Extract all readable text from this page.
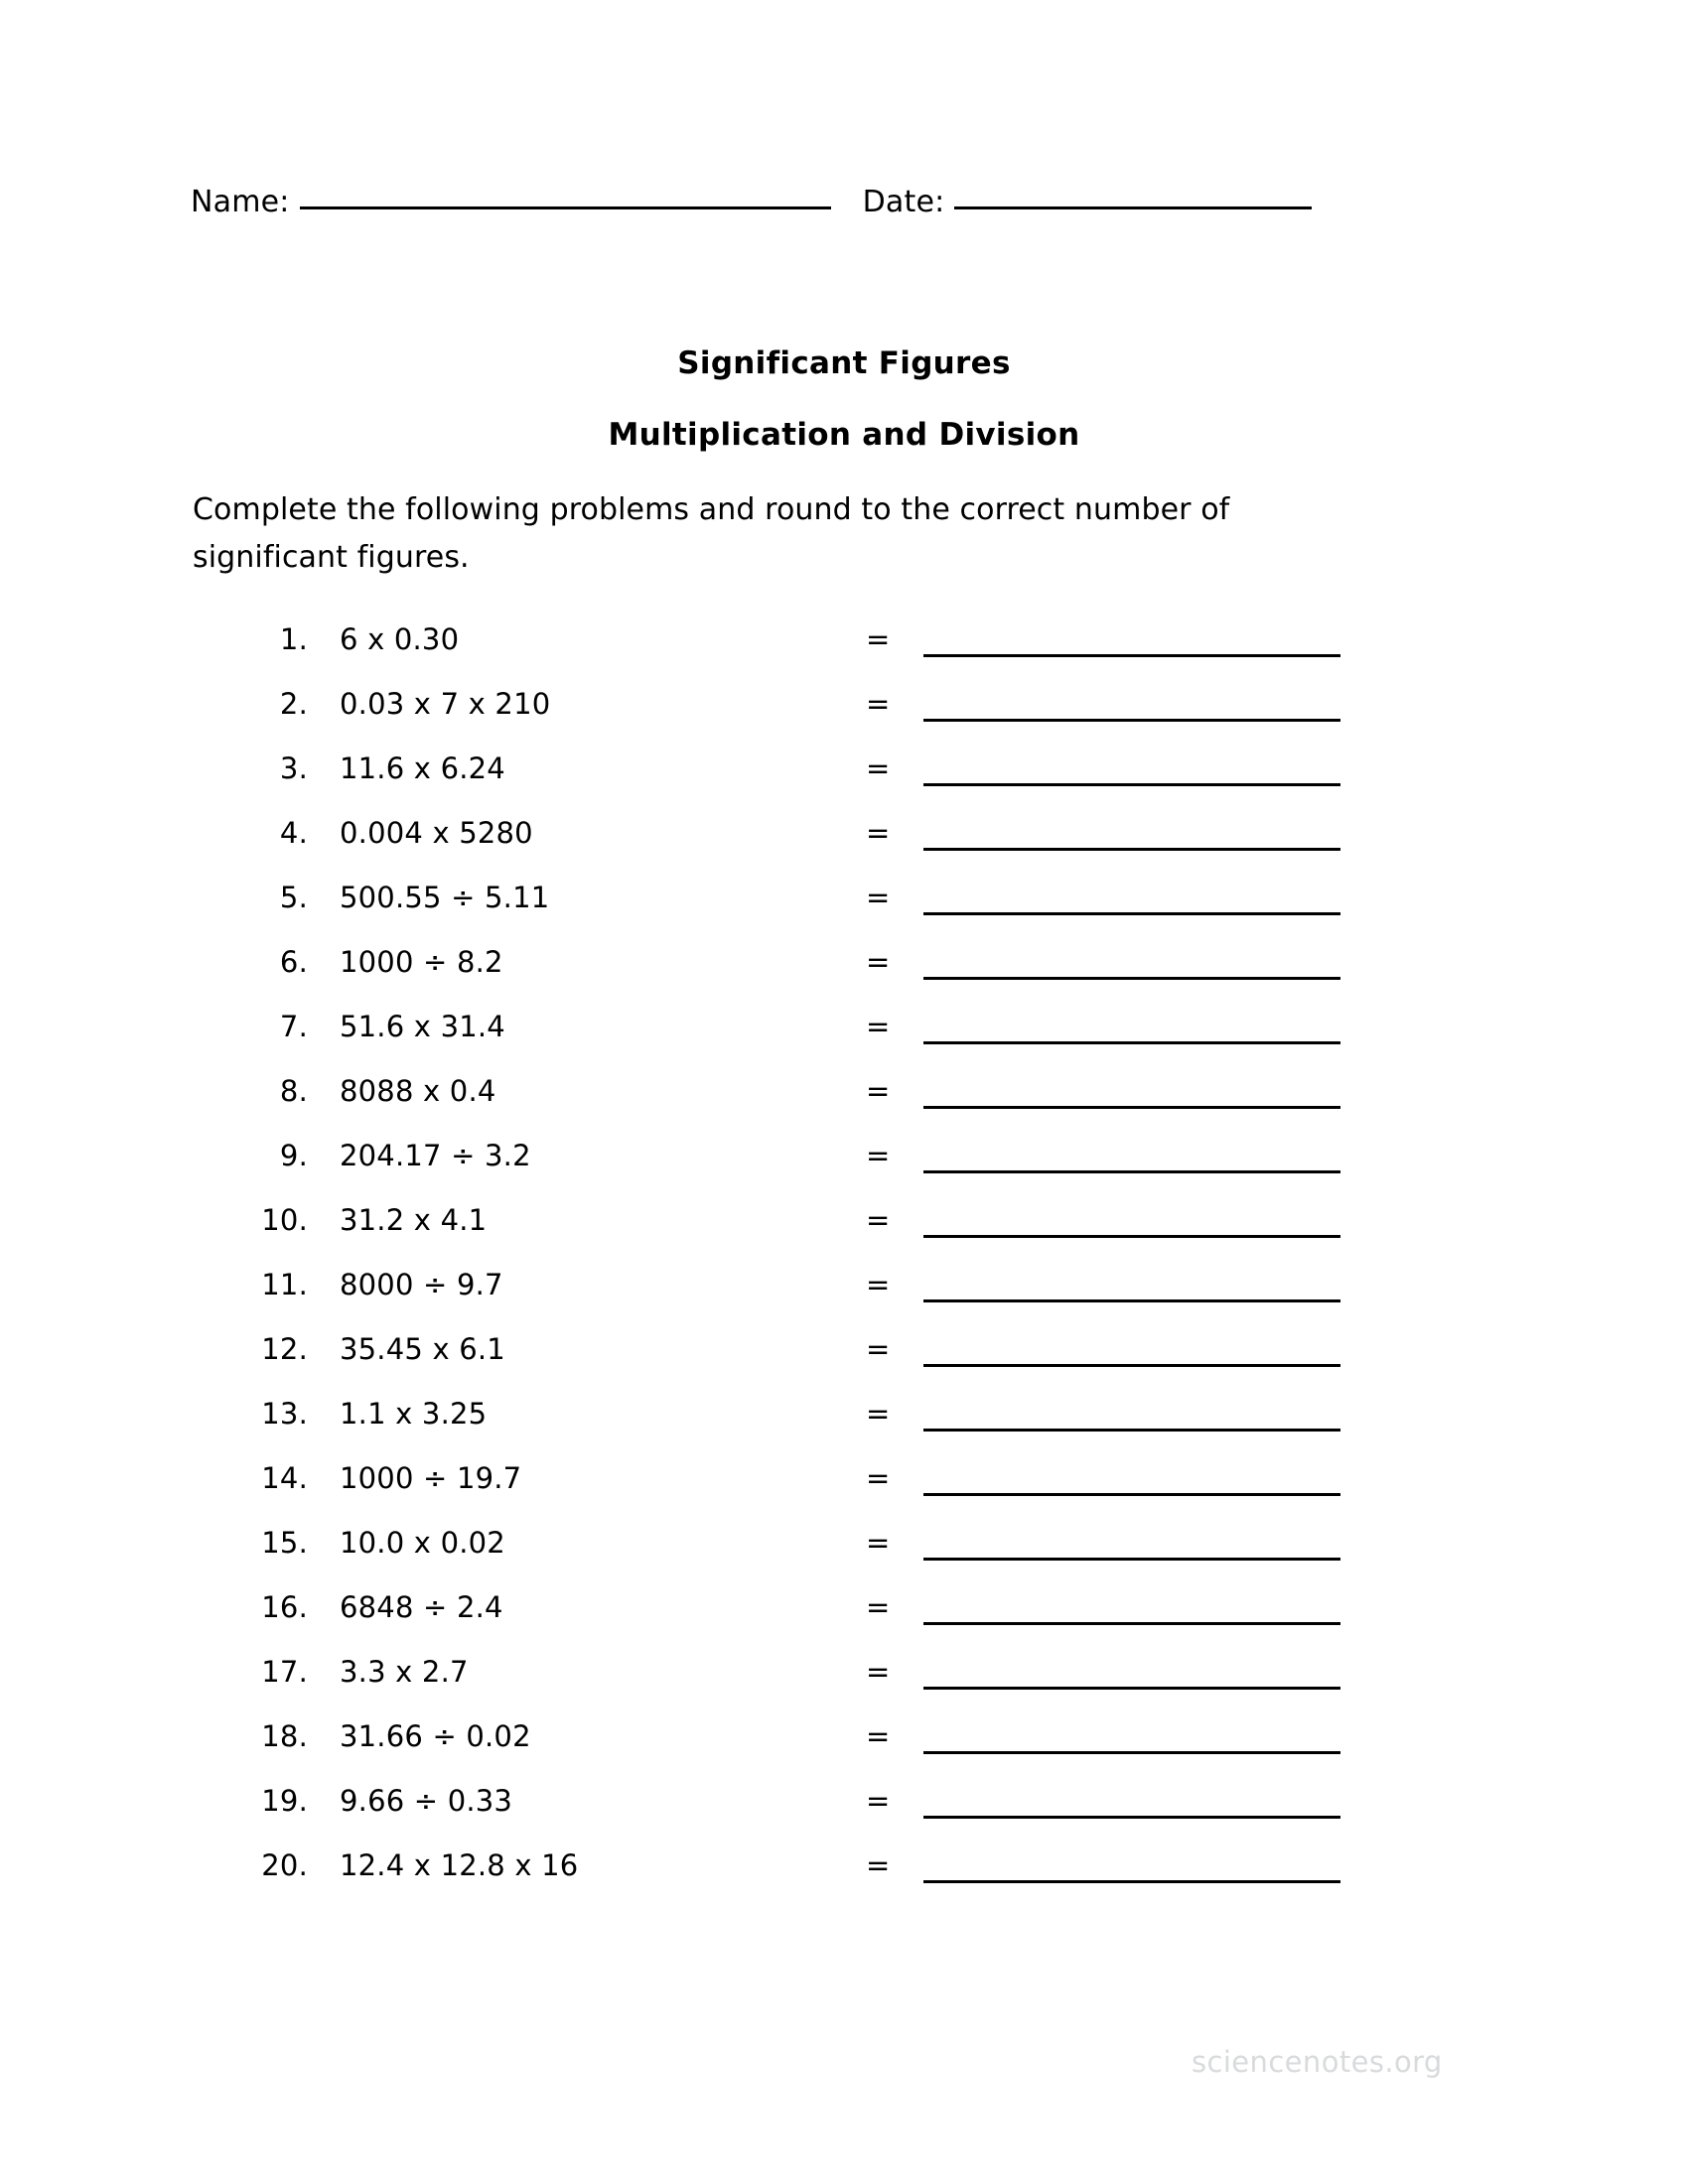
Name:	Date:
Significant Figures
Multiplication and Division
Complete the following problems and round to the correct number of significant figures.
1. 6 x 0.30	=
2. 0.03 x 7 x 210	=
3. 11.6 x 6.24	=
4. 0.004 x 5280	=
5. 500.55 ÷ 5.11	=
6. 1000 ÷ 8.2	=
7. 51.6 x 31.4	=
8. 8088 x 0.4	=
9. 204.17 ÷ 3.2	=
10. 31.2 x 4.1	=
11. 8000 ÷ 9.7	=
12. 35.45 x 6.1	=
13. 1.1 x 3.25	=
14. 1000 ÷ 19.7	=
15. 10.0 x 0.02	=
16. 6848 ÷ 2.4	=
17. 3.3 x 2.7	=
18. 31.66 ÷ 0.02	=
19. 9.66 ÷ 0.33	=
20. 12.4 x 12.8 x 16	=
sciencenotes.org
